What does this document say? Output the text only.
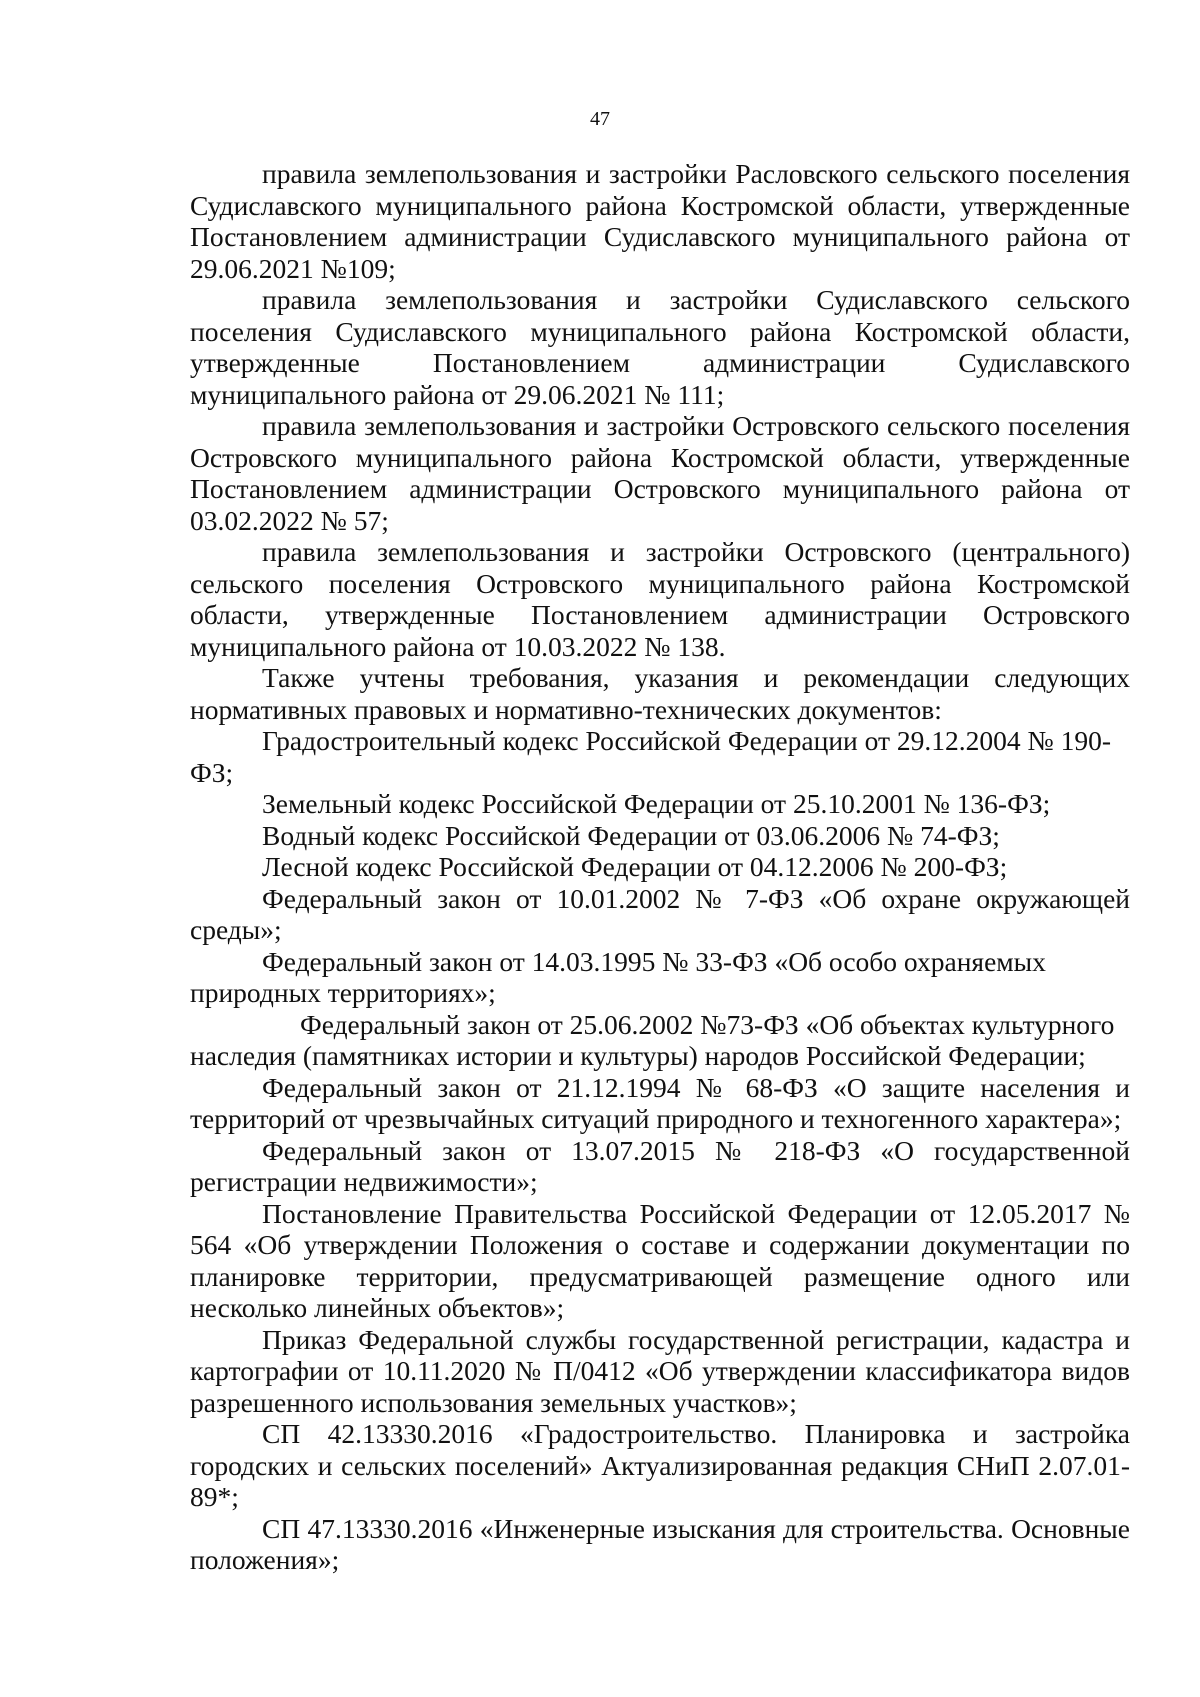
47

правила землепользования и застройки Расловского сельского поселения Судиславского муниципального района Костромской области, утвержденные Постановлением администрации Судиславского муниципального района от 29.06.2021 №109;

правила землепользования и застройки Судиславского сельского поселения Судиславского муниципального района Костромской области, утвержденные Постановлением администрации Судиславского муниципального района от 29.06.2021 № 111;

правила землепользования и застройки Островского сельского поселения Островского муниципального района Костромской области, утвержденные Постановлением администрации Островского муниципального района от 03.02.2022 № 57;

правила землепользования и застройки Островского (центрального) сельского поселения Островского муниципального района Костромской области, утвержденные Постановлением администрации Островского муниципального района от 10.03.2022 № 138.

Также учтены требования, указания и рекомендации следующих нормативных правовых и нормативно-технических документов:

Градостроительный кодекс Российской Федерации от 29.12.2004 № 190-ФЗ;

Земельный кодекс Российской Федерации от 25.10.2001 № 136-ФЗ;

Водный кодекс Российской Федерации от 03.06.2006 № 74-ФЗ;

Лесной кодекс Российской Федерации от 04.12.2006 № 200-ФЗ;

Федеральный закон от 10.01.2002 № 7-ФЗ «Об охране окружающей среды»;

Федеральный закон от 14.03.1995 № 33-ФЗ «Об особо охраняемых природных территориях»;

Федеральный закон от 25.06.2002 №73-ФЗ «Об объектах культурного наследия (памятниках истории и культуры) народов Российской Федерации;

Федеральный закон от 21.12.1994 № 68-ФЗ «О защите населения и территорий от чрезвычайных ситуаций природного и техногенного характера»;

Федеральный закон от 13.07.2015 № 218-ФЗ «О государственной регистрации недвижимости»;

Постановление Правительства Российской Федерации от 12.05.2017 № 564 «Об утверждении Положения о составе и содержании документации по планировке территории, предусматривающей размещение одного или несколько линейных объектов»;

Приказ Федеральной службы государственной регистрации, кадастра и картографии от 10.11.2020 № П/0412 «Об утверждении классификатора видов разрешенного использования земельных участков»;

СП 42.13330.2016 «Градостроительство. Планировка и застройка городских и сельских поселений» Актуализированная редакция СНиП 2.07.01-89*;

СП 47.13330.2016 «Инженерные изыскания для строительства. Основные положения»;
